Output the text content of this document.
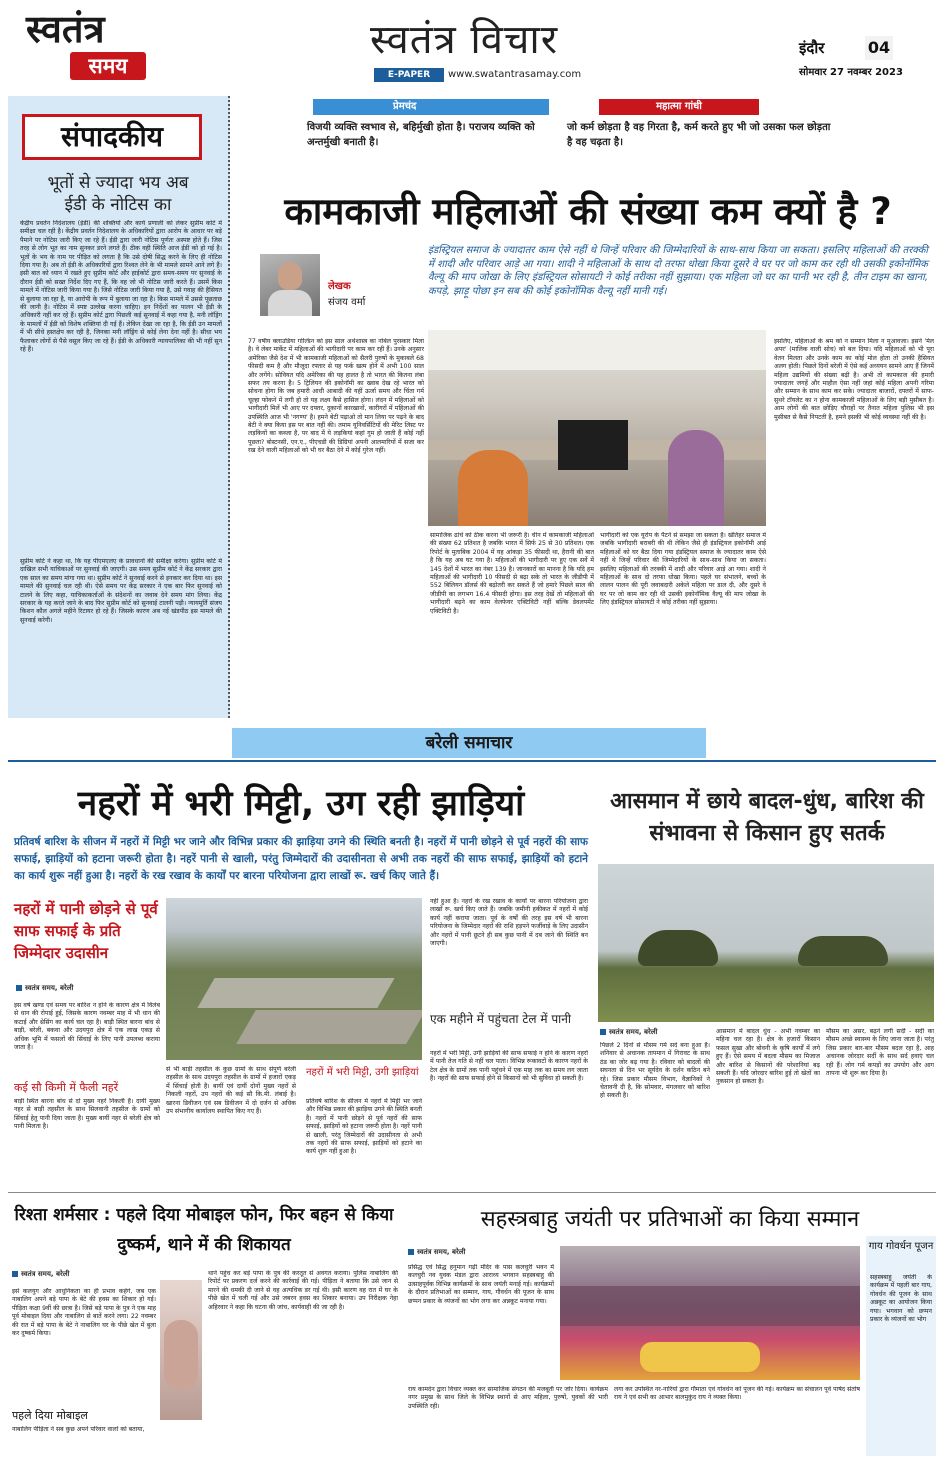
स्वतंत्र
समय
स्वतंत्र विचार
E-PAPER	www.swatantrasamay.com
इंदौर	04
सोमवार 27 नवम्बर 2023
संपादकीय
भूतों से ज्यादा भय अब ईडी के नोटिस का
केंद्रीय प्रवर्तन निदेशालय (ईडी) की शक्तियों और कार्य प्रणाली को लेकर सुप्रीम कोर्ट में समीक्षा चल रही है। केंद्रीय प्रवर्तन निदेशालय के अधिकारियों द्वारा आरोप के आधार पर बड़े पैमाने पर नोटिस जारी किए जा रहे हैं। ईडी द्वारा जारी नोटिस पूर्णतः अस्पष्ट होते हैं। जिस तरह से लोग भूत का नाम सुनकर डरने लगते हैं। ठीक वही स्थिति आज ईडी को हो गई है। भूतों के भय के नाम पर पीड़ित को लगता है कि उसे दोषी सिद्ध करने के लिए ही नोटिस दिया गया है। अब तो ईडी के अधिकारियों द्वारा रिश्वत लेने के भी मामले सामने आने लगे हैं। इसी बात को ध्यान में रखते हुए सुप्रीम कोर्ट और हाईकोर्ट द्वारा समय-समय पर सुनवाई के दौरान ईडी को सख्त निर्देश दिए गए हैं, कि वह जो भी नोटिस जारी करते हैं। उसमें किस मामले में नोटिस जारी किया गया है। जिसे नोटिस जारी किया गया है, उसे गवाह की हैसियत से बुलाया जा रहा है, या आरोपी के रूप में बुलाया जा रहा है। किस मामले में उससे पूछताछ की जानी है। नोटिस में स्पष्ट उल्लेख करना चाहिए। इन निर्देशों का पालन भी ईडी के अधिकारी नहीं कर रहे हैं। सुप्रीम कोर्ट द्वारा पिछली कई सुनवाई में कहा गया है, मनी लॉड्रिंग के मामलों में ईडी को विशेष शक्तियां दी गई हैं। लेकिन देखा जा रहा है, कि ईडी उन मामलों में भी सीधे हस्तक्षेप कर रही है, जिनका मनी लॉड्रिंग से कोई लेना देना नहीं है। सीधा भय फैलाकर लोगों से पैसे वसूल किए जा रहे हैं। ईडी के अधिकारी न्यायपालिका की भी नहीं सुन रहे हैं।
सुप्रीम कोर्ट ने कहा था, कि यह पीएमएलए के प्रावधानों की समीक्षा करेगा। सुप्रीम कोर्ट में दाखिल सभी याचिकाओं पर सुनवाई की जाएगी। उस समय सुप्रीम कोर्ट ने केंद्र सरकार द्वारा एक साल का समय मांगा गया था। सुप्रीम कोर्ट ने सुनवाई करने से इनकार कर दिया था। इस मामले की सुनवाई चल रही थी। ऐसे समय पर केंद्र सरकार ने एक बार फिर सुनवाई को टालने के लिए कहा, याचिकाकर्ताओं के संदेशनों का जवाब देने समय मांग लिया। केंद्र सरकार के यह करते जाने के बाद फिर सुप्रीम कोर्ट को सुनवाई टालनी पड़ी। न्यायमूर्ति संजय किशन कौल अगले महीने रिटायर हो रहे हैं। जिसके कारण अब नई खंडपीठ इस मामले की सुनवाई करेगी।
प्रेमचंद
विजयी व्यक्ति स्वभाव से, बहिर्मुखी होता है। पराजय व्यक्ति को अन्तर्मुखी बनाती है।
महात्मा गांधी
जो कर्म छोड़ता है वह गिरता है, कर्म करते हुए भी जो उसका फल छोड़ता है वह चढ़ता है।
कामकाजी महिलाओं की संख्या कम क्यों है ?
इंडस्ट्रियल समाज के ज्यादातर काम ऐसे नहीं थे जिन्हें परिवार की जिम्मेदारियों के साथ-साथ किया जा सकता। इसलिए महिलाओं की तरक्की में शादी और परिवार आड़े आ गया। शादी ने महिलाओं के साथ दो तरफा धोखा किया दूसरे वे घर पर जो काम कर रही थी उसकी इकोनॉमिक वैल्यू की माप जोखा के लिए इंडस्ट्रियल सोसायटी ने कोई तरीका नहीं सुझाया। एक महिला जो घर का पानी भर रही है, तीन टाइम का खाना, कपड़े, झाड़ू पोछा इन सब की कोई इकोनॉमिक वैल्यू नहीं मानी गई।
लेखक
संजय वर्मा
77 वर्षीय क्लाउडिया गोल्डिन को इस साल अर्थशास्त्र का नोबेल पुरस्कार मिला है। वे लेबर मार्केट में महिलाओं की भागीदारी पर काम कर रही हैं। उनके अनुसार अमेरिका जैसे देश में भी कामकाजी महिलाओं को सैलरी पुरुषों के मुकाबले 68 फीसदी कम है और मौजूदा रफ्तार से यह फर्क खत्म होने में अभी 100 साल और लगेंगे। सोवियत यदि अमेरिका की यह हालत है तो भारत की कितना लंबा सफर तय करना है। 5 ट्रिलियन की इकोनॉमी का ख्वाब देख रहे भारत को सोचना होगा कि जब हमारी आधी आबादी की यहीं ऊर्जा समय और चिंता गर्म चूल्हा फोकने में लगी हो तो यह लक्ष्य कैसे हासिल होगा। लंदन में महिलाओं को भागीदारी मिलें भी आए पर दफ्तर, दुकानों कारखानों, कारीगरों में महिलाओं की उपस्थिति आज भी 'नगण्य' है। हमने बेटी पढ़ाओ तो मान लिया पर पढ़ने के बाद बेटी ने क्या किया इस पर बात नहीं की। तमाम यूनिवर्सिटियों की मेरिट लिस्ट पर लड़कियों का कब्जा है, पर बाद में ये लड़कियां कहां गुम हो जाती हैं कोई नहीं पूछता? बोस्टनसी, एन.ए., पीएचडी की डिग्रियां अपनी आलमारियों में सजा कर रख देने वाली महिलाओं को भी घर बैठा देने में कोई गुरेज नहीं।
सामाजिक ढांचे को ठीक करना भी जरूरी है। चीन में कामकाजी महिलाओं की संख्या 62 प्रतिशत है जबकि भारत में सिर्फ 25 से 30 प्रतिशत। एक रिपोर्ट के मुताबिक 2004 में यह आंकड़ा 35 फीसदी था, हैरानी की बात है कि यह अब घट गया है। महिलाओं की भागीदारी पर हुए एक सर्वे में 145 देशों में भारत का नंबर 139 है। जानकारों का मानना है कि यदि हम महिलाओं की भागीदारी 10 फीसदी से बढ़ा सके तो भारत के जीडीपी में 552 बिलियन डॉलर्स की बढ़ोतरी कर सकते हैं जो हमारे पिछले साल की जीडीपी का लगभग 16.4 फीसदी होगा। इस तरह देखें तो महिलाओं की भागीदारी बढ़ने का काम वेलफेयर एक्टिविटी नहीं बल्कि डेवलपमेंट एक्टिविटी है।
भागीदारी को एक यूरोप के पैटर्न से समझा जा सकता है। खेतिहर समाज में जबकि भागीदारी बराबरी की थी लेकिन जैसे ही इंडस्ट्रियल इकोनॉमी आई महिलाओं को घर बैठा दिया गया इंडस्ट्रियल समाज के ज्यादातर काम ऐसे नहीं थे जिन्हें परिवार की जिम्मेदारियों के साथ-साथ किया जा सकता। इसलिए महिलाओं की तरक्की में शादी और परिवार आड़े आ गया। शादी ने महिलाओं के साथ दो तरफा धोखा किया। पहले घर संभालने, बच्चों के लालन पालन की पूरी जवाबदारी अकेले महिला पर डाल दी, और दूसरे वे घर पर जो काम कर रही थी उसकी इकोनॉमिक वैल्यू की माप जोखा के लिए इंडस्ट्रियल सोसायटी ने कोई तरीका नहीं सुझाया।
इसलिए, महिलाओं के श्रम को न सम्मान मिला न मुआवजा। इसने 'मेल अपर' (मालिक वाली सोच) को बल दिया। यदि महिलाओं को भी पूरा वेतन मिलता और उनके काम का कोई मोल होता तो उनकी हैसियत अलग होती। पिछले दिनों बरेली में ऐसे कई अध्ययन सामने आए हैं जिनमें महिला उद्यमियों की संख्या बढ़ी है। अभी तो कामकाज की हमारी ज्यादातर जगहें और माहौल ऐसा नहीं जहां कोई महिला अपनी गरिमा और सम्मान के साथ काम कर सके। ज्यादातर बाजारों, दफ्तरों में साफ-सुथरे टॉयलेट का न होना कामकाजी महिलाओं के लिए बड़ी मुसीबत है। आम लोगों की बात छोड़िए चौराहों पर तैनात महिला पुलिस भी इस मुसीबत से कैसे निपटती है, हमने इसकी भी कोई व्यवस्था नहीं की है।
बरेली समाचार
नहरों में भरी मिट्टी, उग रही झाड़ियां
प्रतिवर्ष बारिश के सीजन में नहरों में मिट्टी भर जाने और विभिन्न प्रकार की झाड़िया उगने की स्थिति बनती है। नहरों में पानी छोड़ने से पूर्व नहरों की साफ सफाई, झाड़ियों को हटाना जरूरी होता है। नहरें पानी से खाली, परंतु जिम्मेदारों की उदासीनता से अभी तक नहरों की साफ सफाई, झाड़ियों को हटाने का कार्य शुरू नहीं हुआ है। नहरों के रख रखाव के कार्यों पर बारना परियोजना द्वारा लाखों रू. खर्च किए जाते हैं।
नहरों में पानी छोड़ने से पूर्व साफ सफाई के प्रति जिम्मेदार उदासीन
स्वतंत्र समय, बरेली
इस वर्ष खण्ड एवं समय पर बारिश न होने के कारण क्षेत्र में विलंब से धान की रोपाई हुई, जिसके कारण नवम्बर माह में भी धान की कटाई और थ्रेसिंग का कार्य चल रहा है। बाड़ी स्थित बारना बांध से बाड़ी, बरेली, बकवा और उदयपुरा क्षेत्र में एक लाख एकड़ से अधिक भूमि में फसलों की सिंचाई के लिए पानी उपलब्ध कराया जाता है।
कई सौ किमी में फैली नहरें
बाड़ी स्थित बारना बांध से दो मुख्य नहरें निकली हैं। दायीं मुख्य नहर से बाड़ी तहसील के साथ सिलवानी तहसील के ग्रामों को सिंचाई हेतु पानी दिया जाता है। मुख्य बायीं नहर से बरेली क्षेत्र को पानी मिलता है।
से भी बाड़ी तहसील के कुछ ग्रामों के साथ संपूर्ण बरेली तहसील के साथ उदयपुरा तहसील के ग्रामों में हजारों एकड़ में सिंचाई होती है। बायीं एवं दायीं दोनों मुख्य नहरों से निकली नहरों, उप नहरों की कई सौ कि.मी. लंबाई है। खारना डिवीजन एवं सब डिवीजन में दो दर्जन से अधिक उप संभागीय कार्यालय स्थापित किए गए हैं।
नहरों में भरी मिट्टी, उगी झाड़ियां
प्रतिवर्ष बारिश के सीजन में नहरों में मिट्टी भर जाने और विभिन्न प्रकार की झाड़िया उगने की स्थिति बनती है। नहरों में पानी छोड़ने से पूर्व नहरों की साफ सफाई, झाड़ियों को हटाना जरूरी होता है। नहरें पानी से खाली, परंतु जिम्मेदारों की उदासीनता से अभी तक नहरों की साफ सफाई, झाड़ियों को हटाने का कार्य शुरू नहीं हुआ है।
नहीं हुआ है। नहरों के रख रखाव के कार्यों पर बारना परियोजना द्वारा लाखों रू. खर्च किए जाते हैं। जबकि जमीनी हकीकत में नहरों में कोई कार्य नहीं कराया जाता। पूर्व के वर्षों की तरह इस वर्ष भी बारना परियोजना के जिम्मेदार नहरों की राशि हड़पने फर्जीवाड़े के लिए उदासीन और नहरों में पानी छूटने ही सब कुछ पानी में दब जाने की स्थिति बन जाएगी।
एक महीने में पहुंचता टेल में पानी
नहरों में भरी मिट्टी, उगी झाड़ियों की साफ सफाई न होने के कारण नहरों में पानी तेज गति से नहीं चल पाता। विभिन्न रूकावटों के कारण नहरों के टेल क्षेत्र के ग्रामों तक पानी पहुंचने में एक माह तक का समय लग जाता है। नहरों की साफ सफाई होने से किसानों को भी सुविधा हो सकती है।
आसमान में छाये बादल-धुंध, बारिश की संभावना से किसान हुए सतर्क
स्वतंत्र समय, बरेली	आसमान में बादल धुंध - अभी नवम्बर का महिना चल रहा है। क्षेत्र के हजारों किसान फसल सुखा और बोवनी के कृषि कार्यों में लगे हुए हैं। ऐसे समय में बदला मौसम का मिजाज और बारिश से किसानों की परेशानियां बढ़ सकती हैं। यदि जोरदार बारिश हुई तो खेतों का नुकसान हो सकता है।
पिछले 2 दिनों से मौसम गर्म सर्द बना हुआ है। शनिवार से अचानक तापमान में गिरावट के साथ ठंड का जोर बढ़ गया है। रविवार को बादलों की सघनता से दिन भर सूर्यदेव के दर्शन कठिन बने रहे। जिस प्रकार मौसम विभाग, वैज्ञानिकों ने चेतावनी दी है, कि सोमवार, मंगलवार को बारिश हो सकती है।
मौसम का असर, बढ़ने लगी सर्दी - सर्दी का मौसम अच्छे स्वास्थ्य के लिए जाना जाता है। परंतु जिस प्रकार बार-बार मौसम बदल रहा है, आह अचानक जोरदार सर्दी के साथ सर्द हवाएं चल रही हैं। लोग गर्म कपड़ों का उपयोग और आग तापना भी शुरू कर दिया है।
रिश्ता शर्मसार : पहले दिया मोबाइल फोन, फिर बहन से किया दुष्कर्म, थाने में की शिकायत
स्वतंत्र समय, बरेली
इसे कलयुग और आधुनिकता का ही प्रभाव कहेंगे, जब एक नाबालिग अपने बड़े पापा के बेटे की हवस का शिकार हो गई। पीड़िता कक्षा 9वीं की छात्रा है। जिसे बड़े पापा के पुत्र ने एक माह पूर्व मोबाइल दिया और नाबालिग से बातें करने लगा। 22 नवम्बर की रात में बड़े पापा के बेटे ने नाबालिग घर के पीछे खेत में बुला कर दुष्कर्म किया।
पहले दिया मोबाइल
नाबालिग पीड़िता ने सब कुछ अपने परिवार वालों को बताया,
थाने पहुंच कर बड़े पापा के पुत्र की करतूत से अवगत कराया। पुलिस नाबालिग की रिपोर्ट पर प्रकरण दर्ज करने की कार्रवाई की गई। पीड़िता ने बताया कि उसे जान से मारने की धमकी दी जाने से वह अत्यधिक डर गई थी। इसी कारण वह रात में घर के पीछे खेत में चली गई और उसे जबरन हवस का शिकार बनाया। उप निरीक्षक नेहा अहिरवार ने कहा कि घटना की जांच, कार्यवाही की जा रही है।
सहस्त्रबाहु जयंती पर प्रतिभाओं का किया सम्मान
स्वतंत्र समय, बरेली
प्रसिद्ध एवं सिद्ध हनुमान गढ़ी मंदिर के पास कलचुरी भवन में कलचुरी नव युवक मंडल द्वारा आराध्य भगवान सहस्त्रबाहु की उत्साहपूर्वक विभिन्न कार्यक्रमों के साथ जयंती मनाई गई। कार्यक्रमों के दौरान प्रतिभाओं का सम्मान, गाय, गौवर्धन की पूजन के साथ छप्पन प्रकार के व्यंजनों का भोग लगा कर अन्नकूट मनाया गया।
राय कामदेन द्वारा विचार व्यक्त कर सामाजिक संगठन की मजबूती पर जोर दिया। कार्यक्रम नगर प्रमुख के साथ जिले के विभिन्न स्थानों से आए महिला, पुरुषों, युवकों की भारी उपस्थिति रही।
लगा कर उपस्थित नर-नारियों द्वारा गौमाता एवं गोवर्धन को पूजन की गई। कार्यक्रम का संचालन पूर्व पार्षद संतोष राय ने एवं सभी का आभार बालमुकुंद राय ने व्यक्त किया।
गाय गोवर्धन पूजन
सहस्त्रबाहु जयंती के कार्यक्रम में पहली बार गाय, गोवर्धन की पूजन के साथ अन्नकूट का आयोजन किया गया। भगवान को छप्पन प्रकार के व्यंजनों का भोग
